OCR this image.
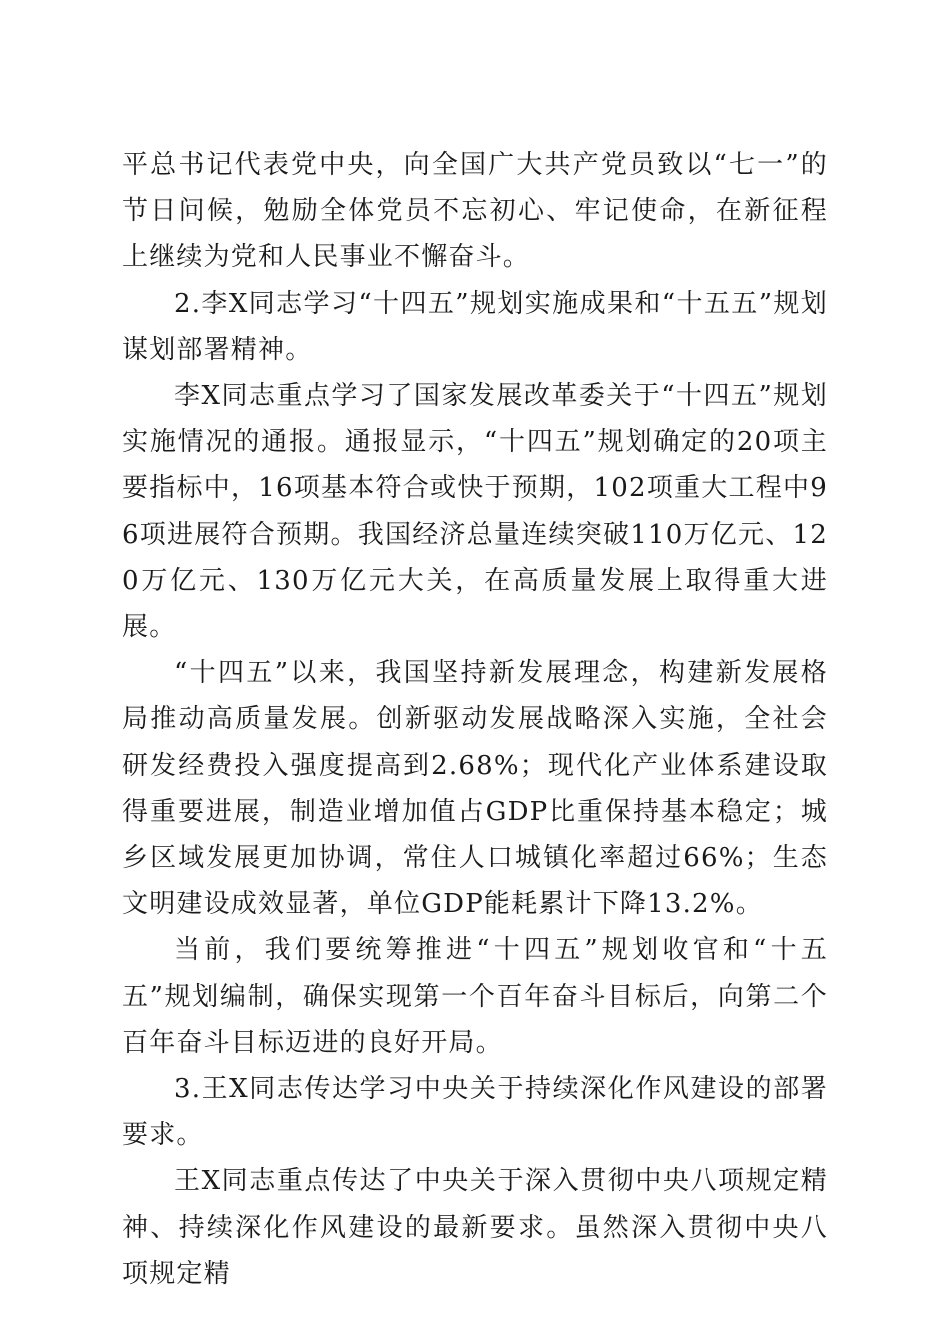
平总书记代表党中央，向全国广大共产党员致以“七一”的节日问候，勉励全体党员不忘初心、牢记使命，在新征程上继续为党和人民事业不懈奋斗。

2.李X同志学习“十四五”规划实施成果和“十五五”规划谋划部署精神。

李X同志重点学习了国家发展改革委关于“十四五”规划实施情况的通报。通报显示，“十四五”规划确定的20项主要指标中，16项基本符合或快于预期，102项重大工程中96项进展符合预期。我国经济总量连续突破110万亿元、120万亿元、130万亿元大关，在高质量发展上取得重大进展。

“十四五”以来，我国坚持新发展理念，构建新发展格局推动高质量发展。创新驱动发展战略深入实施，全社会研发经费投入强度提高到2.68%；现代化产业体系建设取得重要进展，制造业增加值占GDP比重保持基本稳定；城乡区域发展更加协调，常住人口城镇化率超过66%；生态文明建设成效显著，单位GDP能耗累计下降13.2%。

当前，我们要统筹推进“十四五”规划收官和“十五五”规划编制，确保实现第一个百年奋斗目标后，向第二个百年奋斗目标迈进的良好开局。

3.王X同志传达学习中央关于持续深化作风建设的部署要求。

王X同志重点传达了中央关于深入贯彻中央八项规定精神、持续深化作风建设的最新要求。虽然深入贯彻中央八项规定精
